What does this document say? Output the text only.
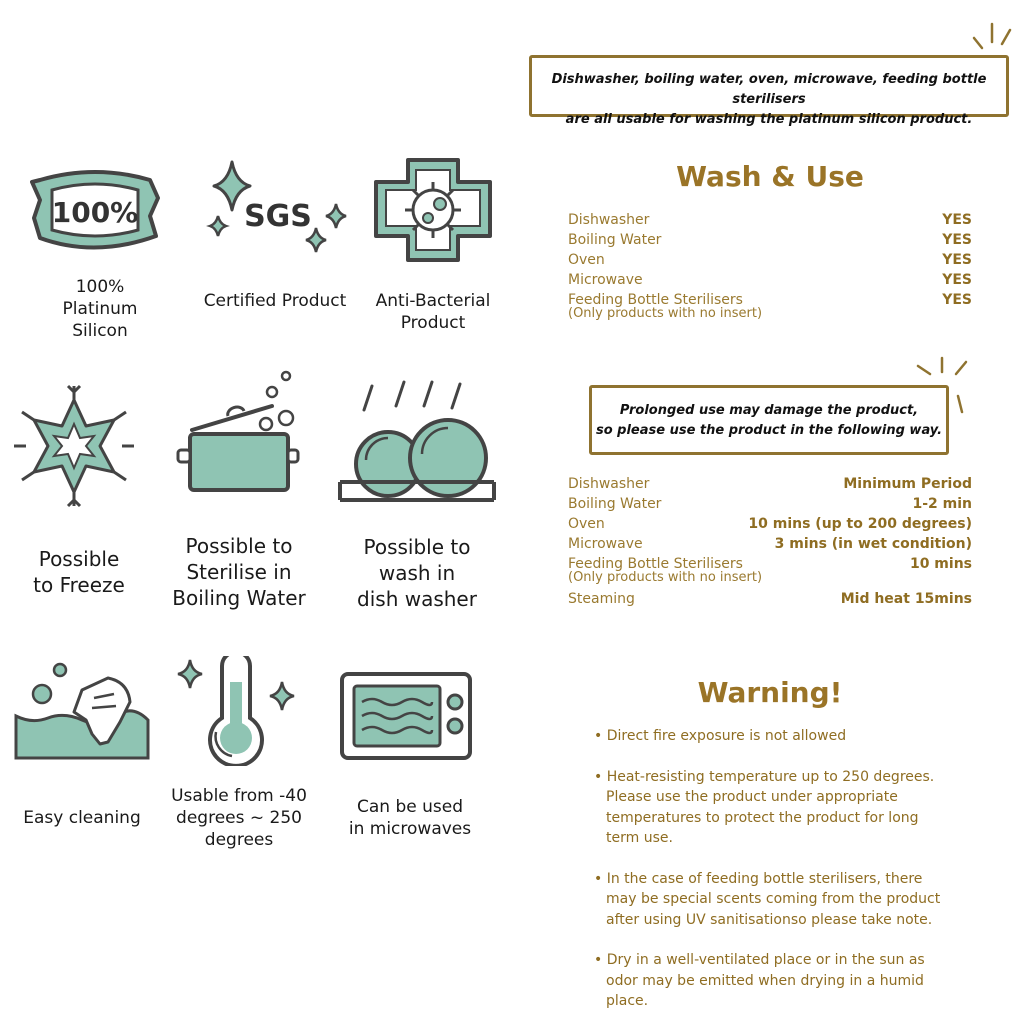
100%
100%
Platinum
Silicon
SGS
Certified Product	Anti-Bacterial
Product
Possible
to Freeze
Possible to
Sterilise in
Boiling Water
Possible to
wash in
dish washer
Easy cleaning
Usable from -40
degrees ~ 250
degrees
Can be used
in microwaves
Dishwasher, boiling water, oven, microwave, feeding bottle sterilisers
are all usable for washing the platinum silicon product.
Wash & Use
Dishwasher	YES
Boiling Water	YES
Oven	YES
Microwave	YES
Feeding Bottle Sterilisers	YES
(Only products with no insert)
Prolonged use may damage the product,
so please use the product in the following way.
Dishwasher	Minimum Period
Boiling Water	1-2 min
Oven	10 mins (up to 200 degrees)
Microwave	3 mins (in wet condition)
Feeding Bottle Sterilisers	10 mins
(Only products with no insert)
Steaming	Mid heat 15mins
Warning!
• Direct fire exposure is not allowed
• Heat-resisting temperature up to 250 degrees. Please use the product under appropriate temperatures to protect the product for long term use.
• In the case of feeding bottle sterilisers, there may be special scents coming from the product after using UV sanitisationso please take note.
• Dry in a well-ventilated place or in the sun as odor may be emitted when drying in a humid place.
